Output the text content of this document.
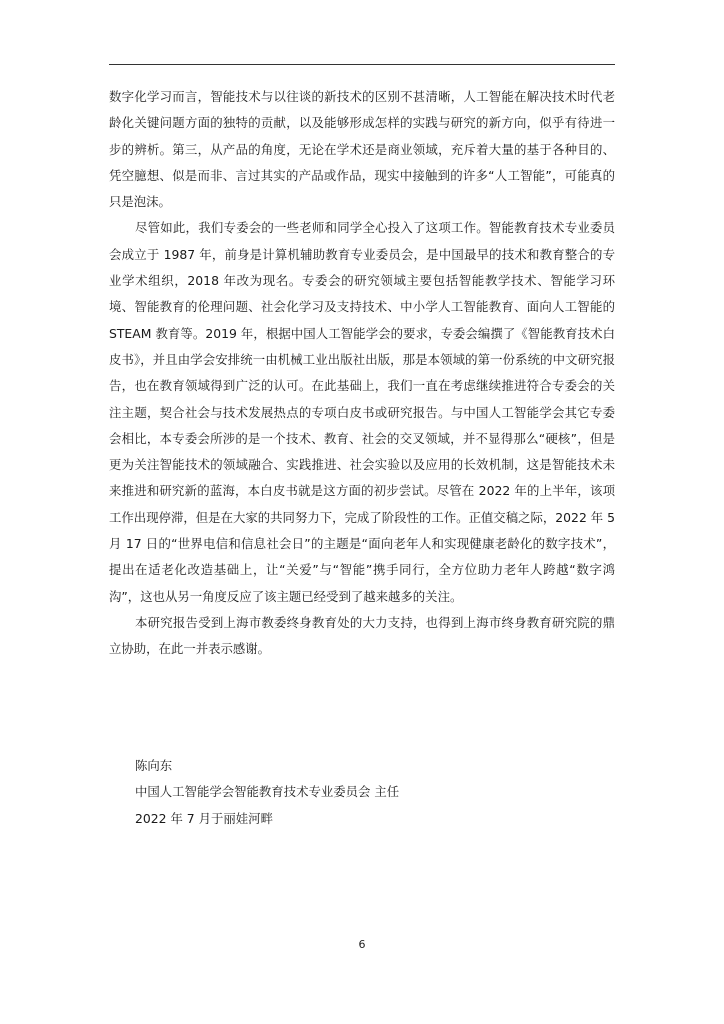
数字化学习而言，智能技术与以往谈的新技术的区别不甚清晰，人工智能在解决技术时代老龄化关键问题方面的独特的贡献，以及能够形成怎样的实践与研究的新方向，似乎有待进一步的辨析。第三，从产品的角度，无论在学术还是商业领域，充斥着大量的基于各种目的、凭空臆想、似是而非、言过其实的产品或作品，现实中接触到的许多“人工智能”，可能真的只是泡沫。

尽管如此，我们专委会的一些老师和同学全心投入了这项工作。智能教育技术专业委员会成立于 1987 年，前身是计算机辅助教育专业委员会，是中国最早的技术和教育整合的专业学术组织，2018 年改为现名。专委会的研究领域主要包括智能教学技术、智能学习环境、智能教育的伦理问题、社会化学习及支持技术、中小学人工智能教育、面向人工智能的 STEAM 教育等。2019 年，根据中国人工智能学会的要求，专委会编撰了《智能教育技术白皮书》，并且由学会安排统一由机械工业出版社出版，那是本领域的第一份系统的中文研究报告，也在教育领域得到广泛的认可。在此基础上，我们一直在考虑继续推进符合专委会的关注主题，契合社会与技术发展热点的专项白皮书或研究报告。与中国人工智能学会其它专委会相比，本专委会所涉的是一个技术、教育、社会的交叉领域，并不显得那么“硬核”，但是更为关注智能技术的领域融合、实践推进、社会实验以及应用的长效机制，这是智能技术未来推进和研究新的蓝海，本白皮书就是这方面的初步尝试。尽管在 2022 年的上半年，该项工作出现停滞，但是在大家的共同努力下，完成了阶段性的工作。正值交稿之际，2022 年 5 月 17 日的“世界电信和信息社会日”的主题是“面向老年人和实现健康老龄化的数字技术”，提出在适老化改造基础上，让“关爱”与“智能”携手同行，全方位助力老年人跨越“数字鸿沟”，这也从另一角度反应了该主题已经受到了越来越多的关注。

本研究报告受到上海市教委终身教育处的大力支持，也得到上海市终身教育研究院的鼎立协助，在此一并表示感谢。

陈向东

中国人工智能学会智能教育技术专业委员会 主任

2022 年 7 月于丽娃河畔

6
